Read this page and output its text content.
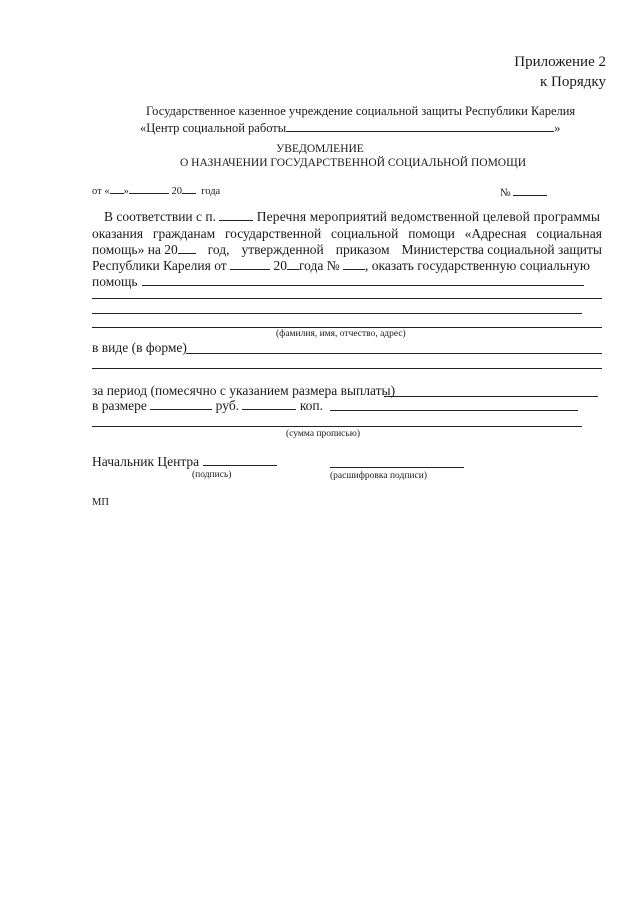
Приложение 2
к Порядку
Государственное казенное учреждение социальной защиты Республики Карелия
«Центр социальной работы	»
УВЕДОМЛЕНИЕ
О НАЗНАЧЕНИИ ГОСУДАРСТВЕННОЙ СОЦИАЛЬНОЙ ПОМОЩИ
от « »	20 года	№
В соответствии с п.	Перечня мероприятий ведомственной целевой программы
оказания гражданам государственной социальной помощи «Адресная социальная
помощь» на 20	год, утвержденной приказом Министерства социальной защиты
Республики Карелия от	20 года № , оказать государственную социальную
помощь
(фамилия, имя, отчество, адрес)
в виде (в форме)
за период (помесячно с указанием размера выплаты)
в размере	руб.	коп.
(сумма прописью)
Начальник Центра
(подпись)	(расшифровка подписи)
МП
